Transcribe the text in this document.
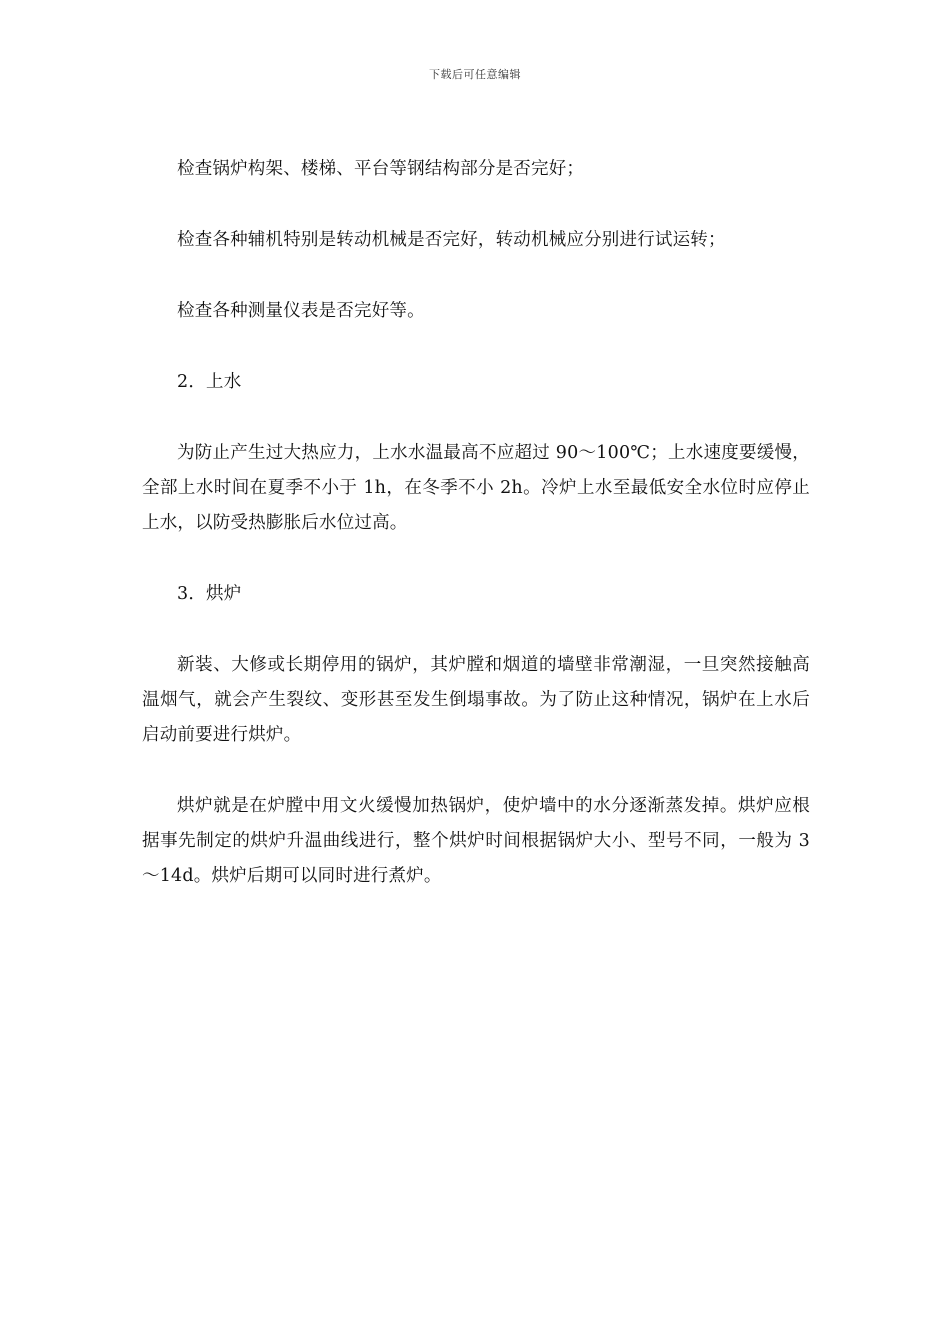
下载后可任意编辑

检查锅炉构架、楼梯、平台等钢结构部分是否完好；

检查各种辅机特别是转动机械是否完好，转动机械应分别进行试运转；

检查各种测量仪表是否完好等。

2．上水

为防止产生过大热应力，上水水温最高不应超过 90～100℃；上水速度要缓慢，全部上水时间在夏季不小于 1h，在冬季不小 2h。冷炉上水至最低安全水位时应停止上水，以防受热膨胀后水位过高。

3．烘炉

新装、大修或长期停用的锅炉，其炉膛和烟道的墙壁非常潮湿，一旦突然接触高温烟气，就会产生裂纹、变形甚至发生倒塌事故。为了防止这种情况，锅炉在上水后启动前要进行烘炉。

烘炉就是在炉膛中用文火缓慢加热锅炉，使炉墙中的水分逐渐蒸发掉。烘炉应根据事先制定的烘炉升温曲线进行，整个烘炉时间根据锅炉大小、型号不同，一般为 3～14d。烘炉后期可以同时进行煮炉。
